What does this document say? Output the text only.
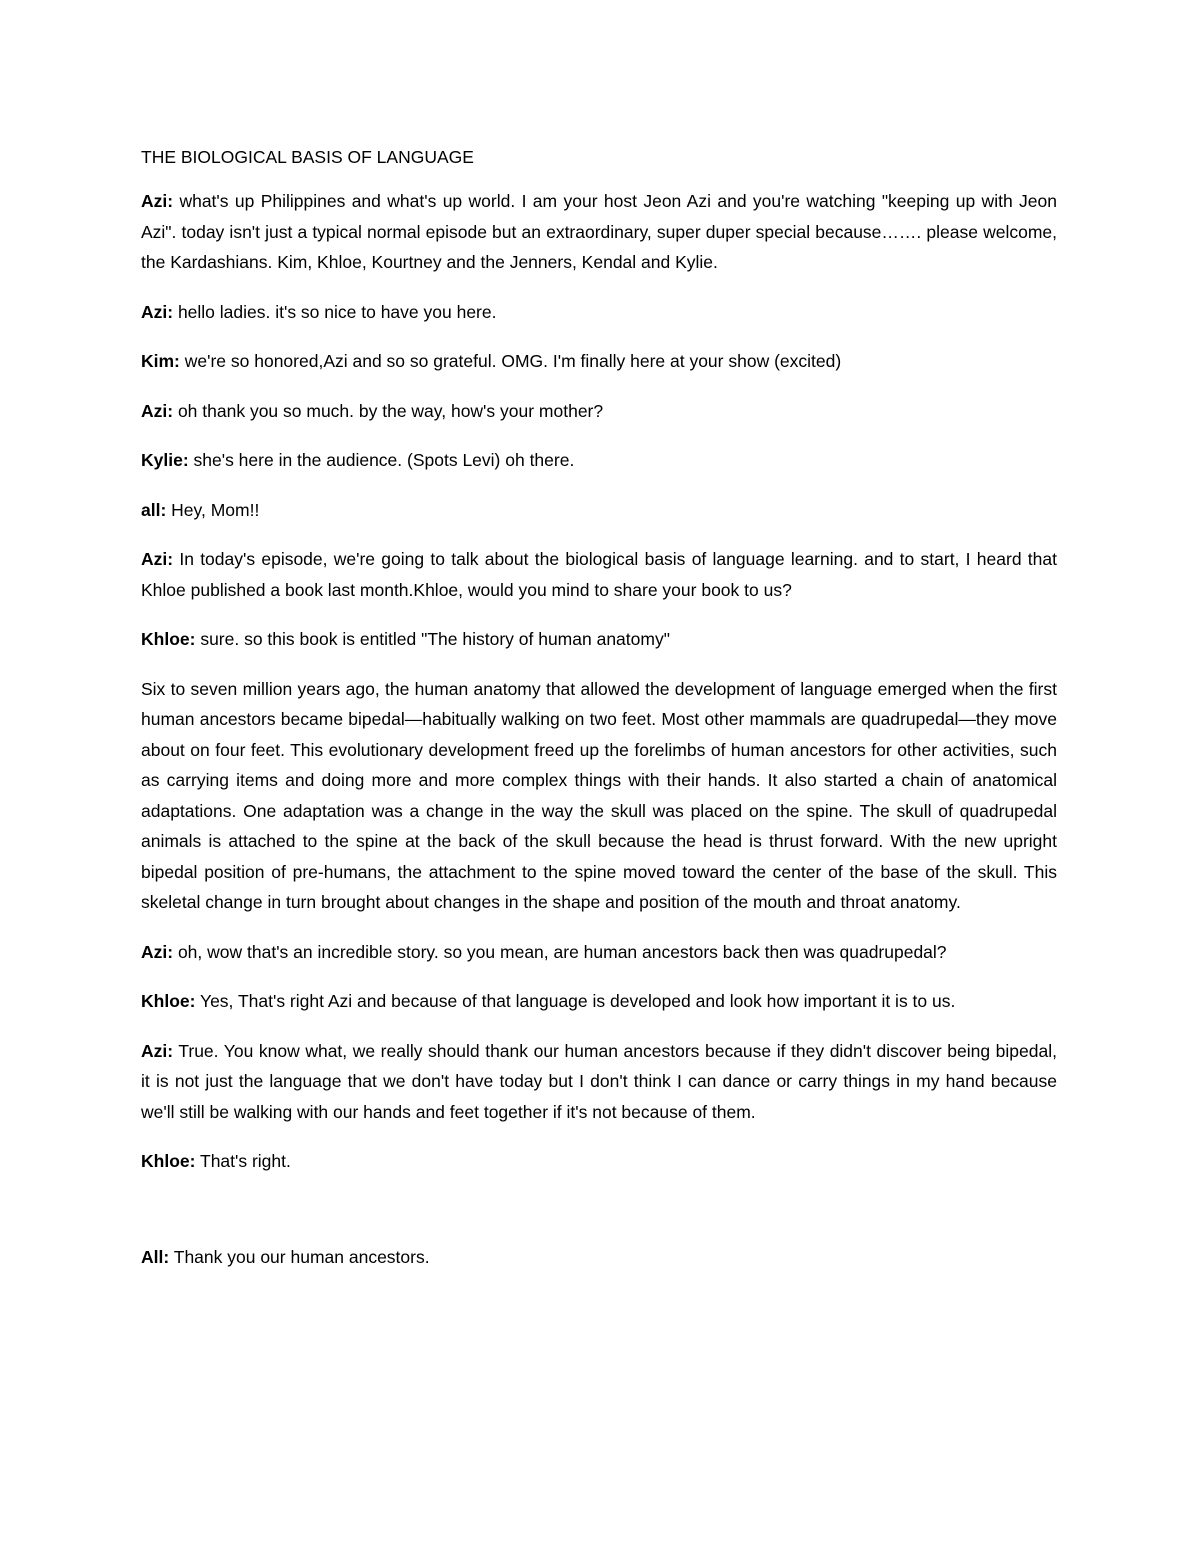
THE BIOLOGICAL BASIS OF LANGUAGE

Azi: what's up Philippines and what's up world. I am your host Jeon Azi and you're watching "keeping up with Jeon Azi". today isn't just a typical normal episode but an extraordinary, super duper special because……. please welcome, the Kardashians. Kim, Khloe, Kourtney and the Jenners, Kendal and Kylie.

Azi: hello ladies. it's so nice to have you here.

Kim: we're so honored,Azi and so so grateful. OMG. I'm finally here at your show (excited)

Azi: oh thank you so much. by the way, how's your mother?

Kylie: she's here in the audience. (Spots Levi) oh there.

all: Hey, Mom!!

Azi: In today's episode, we're going to talk about the biological basis of language learning. and to start, I heard that Khloe published a book last month.Khloe, would you mind to share your book to us?

Khloe: sure. so this book is entitled "The history of human anatomy"

Six to seven million years ago, the human anatomy that allowed the development of language emerged when the first human ancestors became bipedal—habitually walking on two feet. Most other mammals are quadrupedal—they move about on four feet. This evolutionary development freed up the forelimbs of human ancestors for other activities, such as carrying items and doing more and more complex things with their hands. It also started a chain of anatomical adaptations. One adaptation was a change in the way the skull was placed on the spine. The skull of quadrupedal animals is attached to the spine at the back of the skull because the head is thrust forward. With the new upright bipedal position of pre-humans, the attachment to the spine moved toward the center of the base of the skull. This skeletal change in turn brought about changes in the shape and position of the mouth and throat anatomy.

Azi: oh, wow that's an incredible story. so you mean, are human ancestors back then was quadrupedal?

Khloe: Yes, That's right Azi and because of that language is developed and look how important it is to us.

Azi: True. You know what, we really should thank our human ancestors because if they didn't discover being bipedal, it is not just the language that we don't have today but I don't think I can dance or carry things in my hand because we'll still be walking with our hands and feet together if it's not because of them.

Khloe: That's right.

All: Thank you our human ancestors.
